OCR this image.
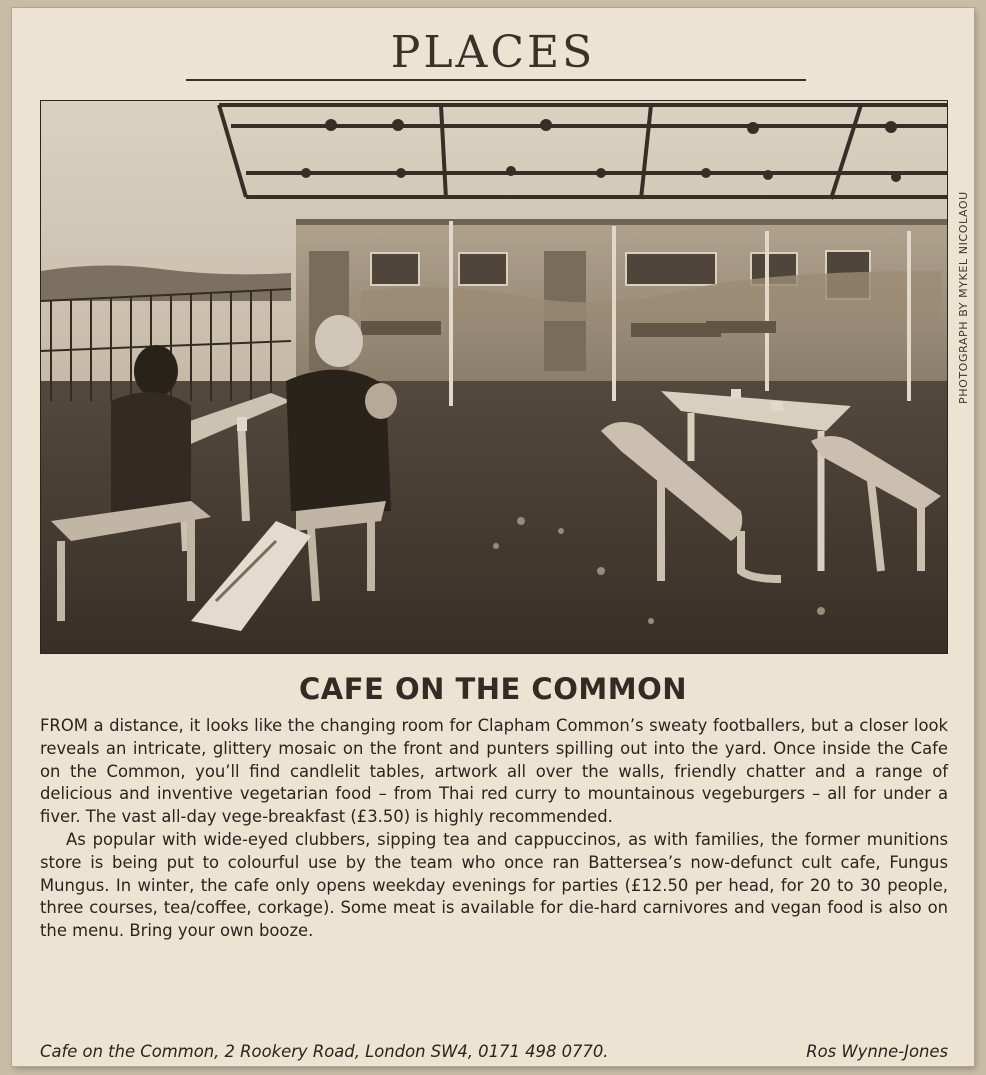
PLACES
PHOTOGRAPH BY MYKEL NICOLAOU
CAFE ON THE COMMON

FROM a distance, it looks like the changing room for Clapham Common’s sweaty footballers, but a closer look reveals an intricate, glittery mosaic on the front and punters spilling out into the yard. Once inside the Cafe on the Common, you’ll find candlelit tables, artwork all over the walls, friendly chatter and a range of delicious and inventive vegetarian food – from Thai red curry to mountainous vegeburgers – all for under a fiver. The vast all-day vege-breakfast (£3.50) is highly recommended.

As popular with wide-eyed clubbers, sipping tea and cappuccinos, as with families, the former munitions store is being put to colourful use by the team who once ran Battersea’s now-defunct cult cafe, Fungus Mungus. In winter, the cafe only opens weekday evenings for parties (£12.50 per head, for 20 to 30 people, three courses, tea/coffee, corkage). Some meat is available for die-hard carnivores and vegan food is also on the menu. Bring your own booze.

Cafe on the Common, 2 Rookery Road, London SW4, 0171 498 0770.	Ros Wynne-Jones
